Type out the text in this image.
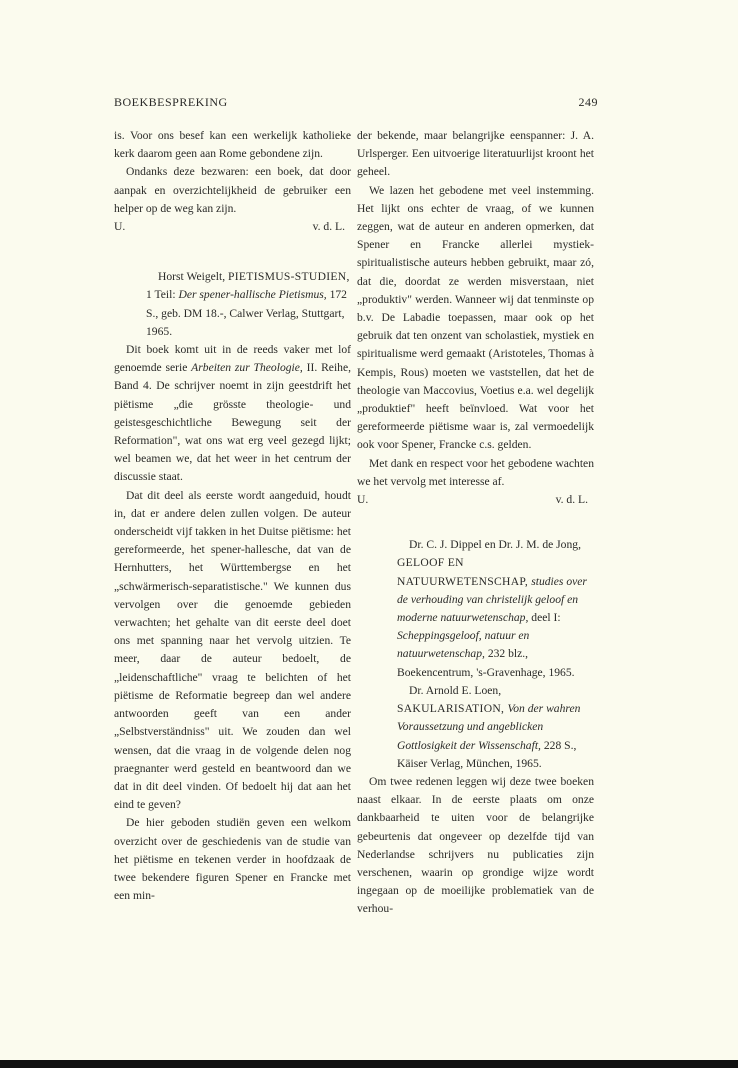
BOEKBESPREKING	249

is. Voor ons besef kan een werkelijk katholieke kerk daarom geen aan Rome gebondene zijn.

Ondanks deze bezwaren: een boek, dat door aanpak en overzichtelijkheid de gebruiker een helper op de weg kan zijn.

U.	v. d. L.

Horst Weigelt, PIETISMUS-STUDIEN, 1 Teil: Der spener-hallische Pietismus, 172 S., geb. DM 18.-, Calwer Verlag, Stuttgart, 1965.

Dit boek komt uit in de reeds vaker met lof genoemde serie Arbeiten zur Theologie, II. Reihe, Band 4. De schrijver noemt in zijn geestdrift het piëtisme „die grösste theologie- und geistesgeschichtliche Bewegung seit der Reformation", wat ons wat erg veel gezegd lijkt; wel beamen we, dat het weer in het centrum der discussie staat.

Dat dit deel als eerste wordt aangeduid, houdt in, dat er andere delen zullen volgen. De auteur onderscheidt vijf takken in het Duitse piëtisme: het gereformeerde, het spener-hallesche, dat van de Hernhutters, het Württembergse en het „schwärmerisch-separatistische." We kunnen dus vervolgen over die genoemde gebieden verwachten; het gehalte van dit eerste deel doet ons met spanning naar het vervolg uitzien. Te meer, daar de auteur bedoelt, de „leidenschaftliche" vraag te belichten of het piëtisme de Reformatie begreep dan wel andere antwoorden geeft van een ander „Selbstverständniss" uit. We zouden dan wel wensen, dat die vraag in de volgende delen nog praegnanter werd gesteld en beantwoord dan we dat in dit deel vinden. Of bedoelt hij dat aan het eind te geven?

De hier geboden studiën geven een welkom overzicht over de geschiedenis van de studie van het piëtisme en tekenen verder in hoofdzaak de twee bekendere figuren Spener en Francke met een min-

der bekende, maar belangrijke eenspanner: J. A. Urlsperger. Een uitvoerige literatuurlijst kroont het geheel.

We lazen het gebodene met veel instemming. Het lijkt ons echter de vraag, of we kunnen zeggen, wat de auteur en anderen opmerken, dat Spener en Francke allerlei mystiek-spiritualistische auteurs hebben gebruikt, maar zó, dat die, doordat ze werden misverstaan, niet „produktiv" werden. Wanneer wij dat tenminste op b.v. De Labadie toepassen, maar ook op het gebruik dat ten onzent van scholastiek, mystiek en spiritualisme werd gemaakt (Aristoteles, Thomas à Kempis, Rous) moeten we vaststellen, dat het de theologie van Maccovius, Voetius e.a. wel degelijk „produktief" heeft beïnvloed. Wat voor het gereformeerde piëtisme waar is, zal vermoedelijk ook voor Spener, Francke c.s. gelden.

Met dank en respect voor het gebodene wachten we het vervolg met interesse af.

U.	v. d. L.

Dr. C. J. Dippel en Dr. J. M. de Jong, GELOOF EN NATUURWETENSCHAP, studies over de verhouding van christelijk geloof en moderne natuurwetenschap, deel I: Scheppingsgeloof, natuur en natuurwetenschap, 232 blz., Boekencentrum, 's-Gravenhage, 1965.

Dr. Arnold E. Loen, SAKULARISATION, Von der wahren Voraussetzung und angeblicken Gottlosigkeit der Wissenschaft, 228 S., Käiser Verlag, München, 1965.

Om twee redenen leggen wij deze twee boeken naast elkaar. In de eerste plaats om onze dankbaarheid te uiten voor de belangrijke gebeurtenis dat ongeveer op dezelfde tijd van Nederlandse schrijvers nu publicaties zijn verschenen, waarin op grondige wijze wordt ingegaan op de moeilijke problematiek van de verhou-
